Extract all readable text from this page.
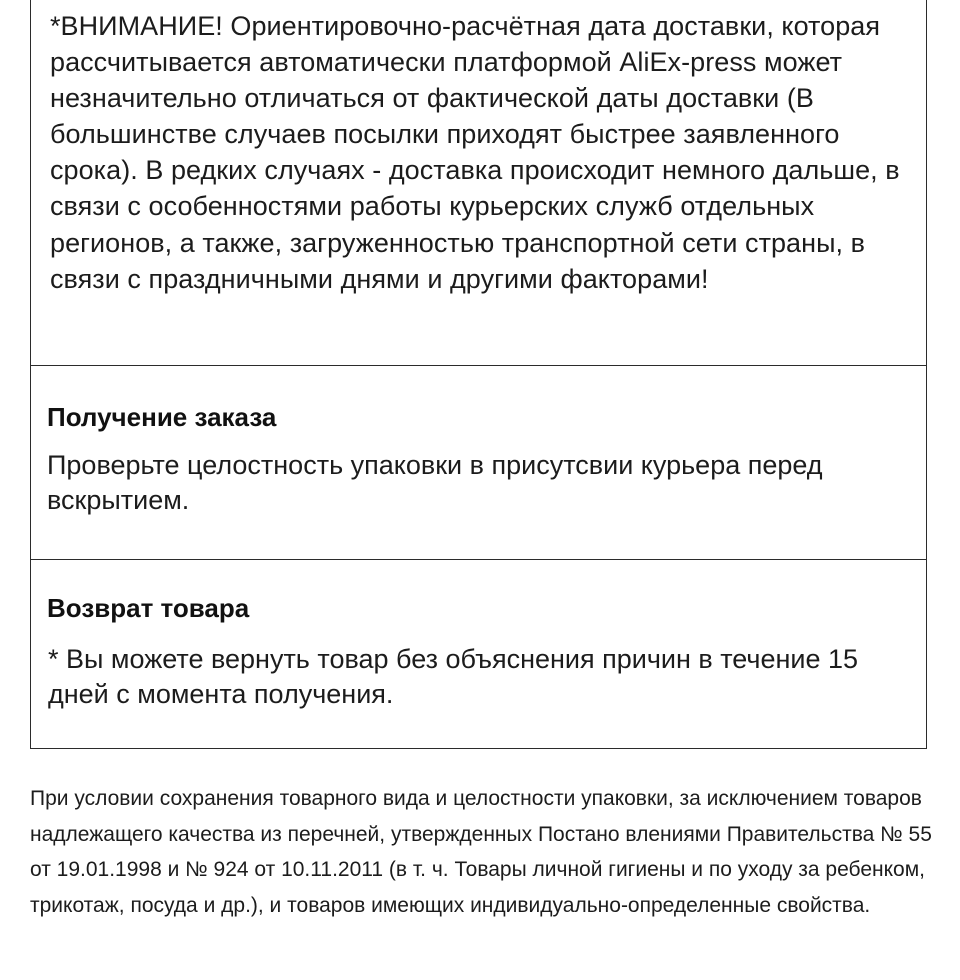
*ВНИМАНИЕ! Ориентировочно-расчётная дата доставки, которая рассчитывается автоматически платформой AliEx-press может незначительно отличаться от фактической даты доставки (В большинстве случаев посылки приходят быстрее заявленного срока). В редких случаях - доставка происходит немного дальше, в связи с особенностями работы курьерских служб отдельных регионов, а также, загруженностью транспортной сети страны, в связи с праздничными днями и другими факторами!

Получение заказа

Проверьте целостность упаковки в присутсвии курьера перед вскрытием.

Возврат товара

* Вы можете вернуть товар без объяснения причин в течение 15 дней с момента получения.

При условии сохранения товарного вида и целостности упаковки, за исключением товаров надлежащего качества из перечней, утвержденных Постано влениями Правительства № 55 от 19.01.1998 и № 924 от 10.11.2011 (в т. ч. Товары личной гигиены и по уходу за ребенком, трикотаж, посуда и др.), и товаров имеющих индивидуально-определенные свойства.
